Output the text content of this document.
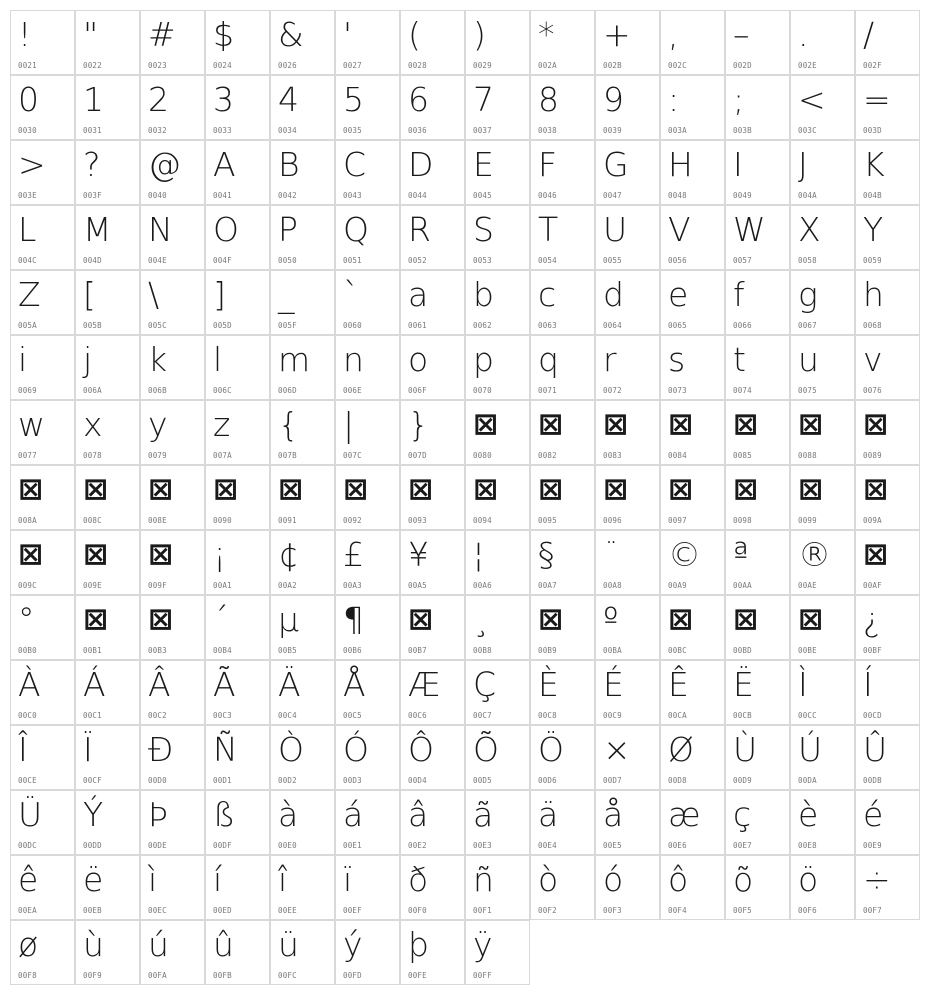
!
0021
"
0022
#
0023
$
0024
&
0026
'
0027
(
0028
)
0029
*
002A
+
002B
,
002C
–
002D
.
002E
/
002F
0
0030
1
0031
2
0032
3
0033
4
0034
5
0035
6
0036
7
0037
8
0038
9
0039
:
003A
;
003B
<
003C
=
003D
>
003E
?
003F
@
0040
A
0041
B
0042
C
0043
D
0044
E
0045
F
0046
G
0047
H
0048
I
0049
J
004A
K
004B
L
004C
M
004D
N
004E
O
004F
P
0050
Q
0051
R
0052
S
0053
T
0054
U
0055
V
0056
W
0057
X
0058
Y
0059
Z
005A
[
005B
\
005C
]
005D
_
005F
`
0060
a
0061
b
0062
c
0063
d
0064
e
0065
f
0066
g
0067
h
0068
i
0069
j
006A
k
006B
l
006C
m
006D
n
006E
o
006F
p
0070
q
0071
r
0072
s
0073
t
0074
u
0075
v
0076
w
0077
x
0078
y
0079
z
007A
{
007B
|
007C
}
007D
⊠
0080
⊠
0082
⊠
0083
⊠
0084
⊠
0085
⊠
0088
⊠
0089
⊠
008A
⊠
008C
⊠
008E
⊠
0090
⊠
0091
⊠
0092
⊠
0093
⊠
0094
⊠
0095
⊠
0096
⊠
0097
⊠
0098
⊠
0099
⊠
009A
⊠
009C
⊠
009E
⊠
009F
¡
00A1
¢
00A2
£
00A3
¥
00A5
¦
00A6
§
00A7
¨
00A8
©
00A9
ª
00AA
®
00AE
⊠
00AF
°
00B0
⊠
00B1
⊠
00B3
´
00B4
µ
00B5
¶
00B6
⊠
00B7
¸
00B8
⊠
00B9
º
00BA
⊠
00BC
⊠
00BD
⊠
00BE
¿
00BF
À
00C0
Á
00C1
Â
00C2
Ã
00C3
Ä
00C4
Å
00C5
Æ
00C6
Ç
00C7
È
00C8
É
00C9
Ê
00CA
Ë
00CB
Ì
00CC
Í
00CD
Î
00CE
Ï
00CF
Ð
00D0
Ñ
00D1
Ò
00D2
Ó
00D3
Ô
00D4
Õ
00D5
Ö
00D6
×
00D7
Ø
00D8
Ù
00D9
Ú
00DA
Û
00DB
Ü
00DC
Ý
00DD
Þ
00DE
ß
00DF
à
00E0
á
00E1
â
00E2
ã
00E3
ä
00E4
å
00E5
æ
00E6
ç
00E7
è
00E8
é
00E9
ê
00EA
ë
00EB
ì
00EC
í
00ED
î
00EE
ï
00EF
ð
00F0
ñ
00F1
ò
00F2
ó
00F3
ô
00F4
õ
00F5
ö
00F6
÷
00F7
ø
00F8
ù
00F9
ú
00FA
û
00FB
ü
00FC
ý
00FD
þ
00FE
ÿ
00FF
